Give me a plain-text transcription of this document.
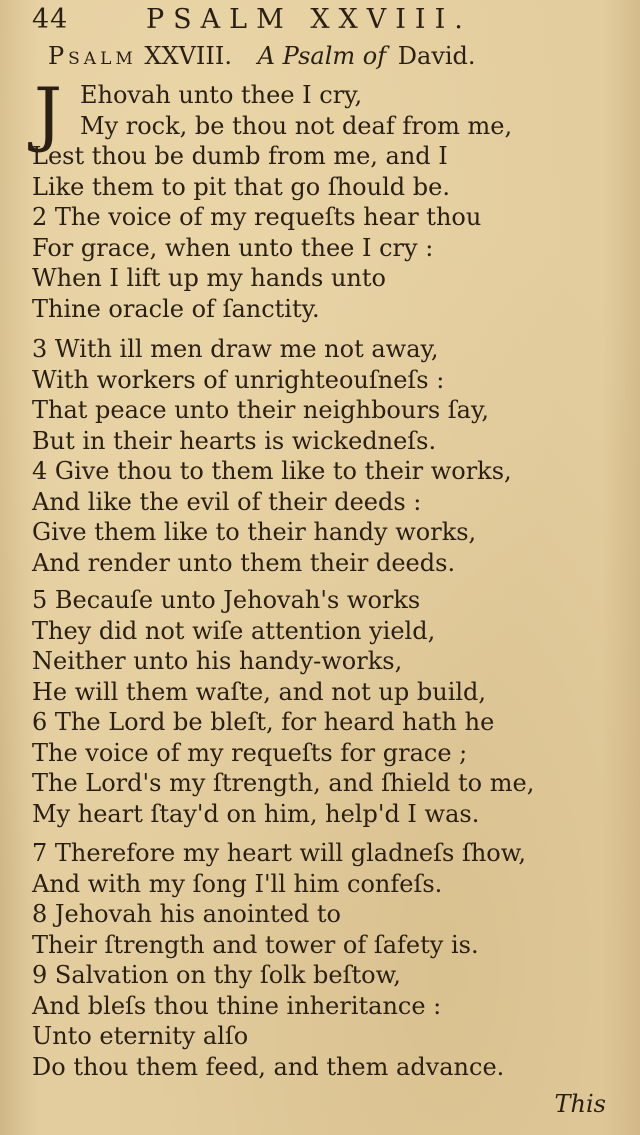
44	PSALM XXVIII.
Psalm XXVIII. A Psalm of David.
J Ehovah unto thee I cry,
My rock, be thou not deaf from me,
Lest thou be dumb from me, and I
Like them to pit that go ſhould be.
2 The voice of my requeſts hear thou
For grace, when unto thee I cry :
When I lift up my hands unto
Thine oracle of ſanctity.
3 With ill men draw me not away,
With workers of unrighteouſneſs :
That peace unto their neighbours ſay,
But in their hearts is wickedneſs.
4 Give thou to them like to their works,
And like the evil of their deeds :
Give them like to their handy works,
And render unto them their deeds.
5 Becauſe unto Jehovah's works
They did not wiſe attention yield,
Neither unto his handy-works,
He will them waſte, and not up build,
6 The Lord be bleſt, for heard hath he
The voice of my requeſts for grace ;
The Lord's my ſtrength, and ſhield to me,
My heart ſtay'd on him, help'd I was.
7 Therefore my heart will gladneſs ſhow,
And with my ſong I'll him confeſs.
8 Jehovah his anointed to
Their ſtrength and tower of ſafety is.
9 Salvation on thy ſolk beſtow,
And bleſs thou thine inheritance :
Unto eternity alſo
Do thou them feed, and them advance.
This
